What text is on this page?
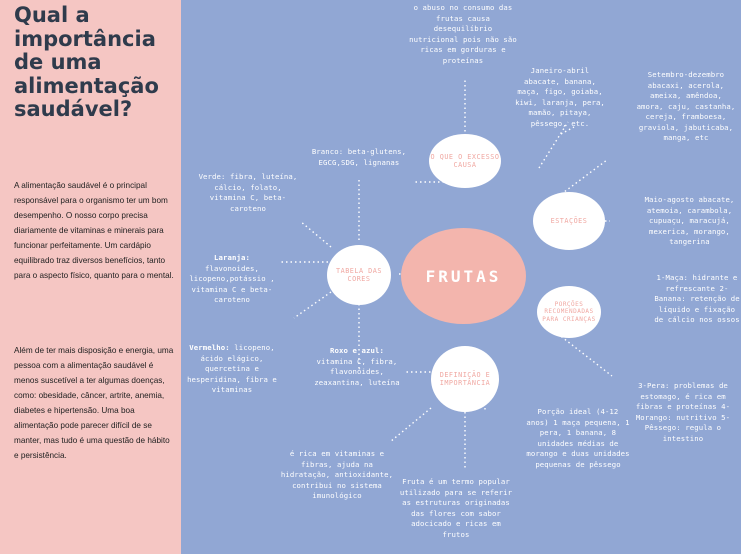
Qual a importância de uma alimentação saudável?

A alimentação saudável é o principal responsável para o organismo ter um bom desempenho. O nosso corpo precisa diariamente de vitaminas e minerais para funcionar perfeitamente. Um cardápio equilibrado traz diversos benefícios, tanto para o aspecto físico, quanto para o mental.

Além de ter mais disposição e energia, uma pessoa com a alimentação saudável é menos suscetível a ter algumas doenças, como: obesidade, câncer, artrite, anemia, diabetes e hipertensão. Uma boa alimentação pode parecer difícil de se manter, mas tudo é uma questão de hábito e persistência.

FRUTAS
O QUE O EXCESSO CAUSA
ESTAÇÕES
PORÇÕES RECOMENDADAS PARA CRIANÇAS
DEFINIÇÃO E IMPORTÂNCIA
TABELA DAS CORES
o abuso no consumo das frutas causa desequilíbrio nutricional pois não são ricas em gorduras e proteínas
Janeiro-abril abacate, banana, maça, figo, goiaba, kiwi, laranja, pera, mamão, pitaya, pêssego, etc.
Setembro-dezembro abacaxi, acerola, ameixa, amêndoa, amora, caju, castanha, cereja, framboesa, graviola, jabuticaba, manga, etc
Maio-agosto abacate, atemoia, carambola, cupuaçu, maracujá, mexerica, morango, tangerina
1-Maça: hidrante e refrescante 2- Banana: retenção de líquido e fixação de cálcio nos ossos
3-Pera: problemas de estomago, é rica em fibras e proteínas 4-Morango: nutritivo 5-Pêssego: regula o intestino
Porção ideal (4-12 anos) 1 maça pequena, 1 pera, 1 banana, 8 unidades médias de morango e duas unidades pequenas de pêssego
Fruta é um termo popular utilizado para se referir as estruturas originadas das flores com sabor adocicado e ricas em frutos
é rica em vitaminas e fibras, ajuda na hidratação, antioxidante, contribui no sistema imunológico
Branco: beta-glutens, EGCG,SDG, lignanas
Verde: fibra, luteína, cálcio, folato, vitamina C, beta-caroteno
Laranja: flavonoides, licopeno,potássio , vitamina C e beta-caroteno
Vermelho: licopeno, ácido elágico, quercetina e hesperidina, fibra e vitaminas
Roxo e azul: vitamina C, fibra, flavonóides, zeaxantina, luteína
